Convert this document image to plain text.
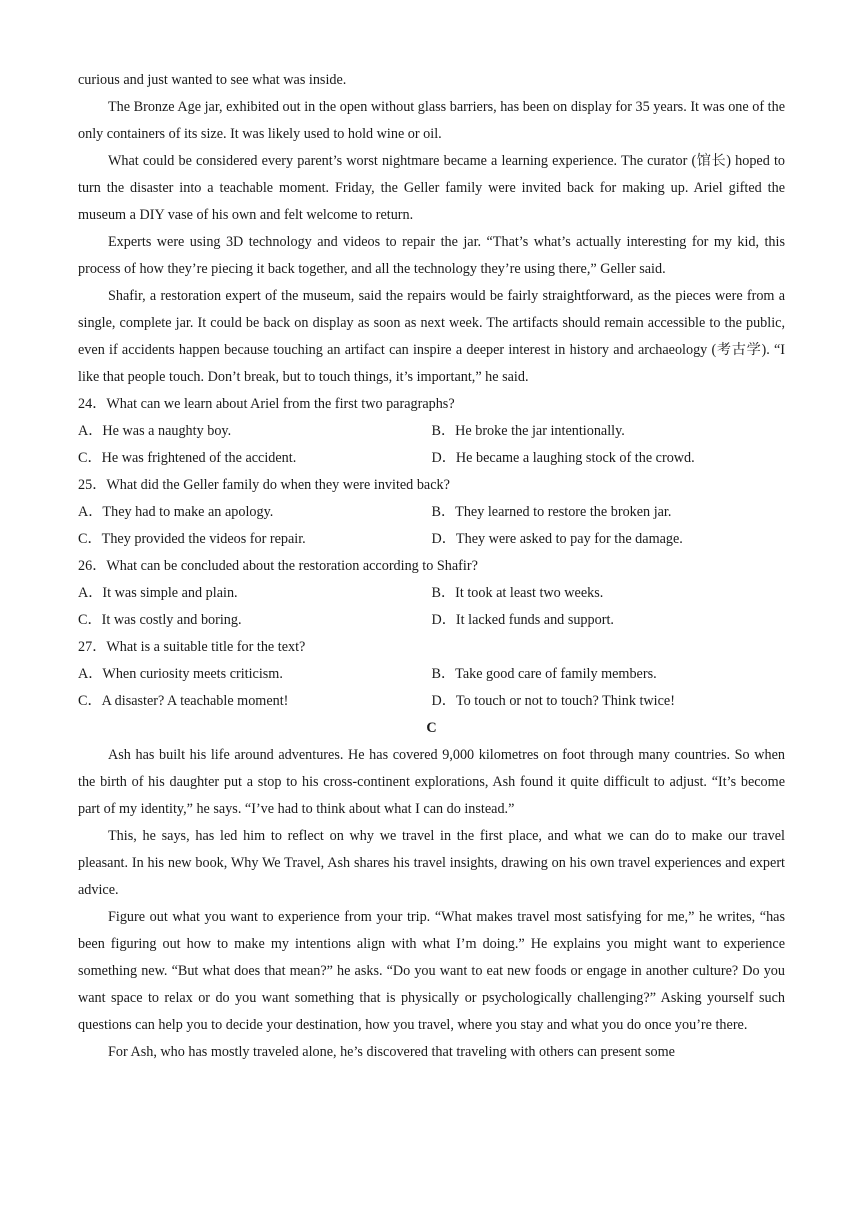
curious and just wanted to see what was inside.

The Bronze Age jar, exhibited out in the open without glass barriers, has been on display for 35 years. It was one of the only containers of its size. It was likely used to hold wine or oil.

What could be considered every parent’s worst nightmare became a learning experience. The curator (馆长) hoped to turn the disaster into a teachable moment. Friday, the Geller family were invited back for making up. Ariel gifted the museum a DIY vase of his own and felt welcome to return.

Experts were using 3D technology and videos to repair the jar. “That’s what’s actually interesting for my kid, this process of how they’re piecing it back together, and all the technology they’re using there,” Geller said.

Shafir, a restoration expert of the museum, said the repairs would be fairly straightforward, as the pieces were from a single, complete jar. It could be back on display as soon as next week. The artifacts should remain accessible to the public, even if accidents happen because touching an artifact can inspire a deeper interest in history and archaeology (考古学). “I like that people touch. Don’t break, but to touch things, it’s important,” he said.

24．What can we learn about Ariel from the first two paragraphs?

A．He was a naughty boy.	B．He broke the jar intentionally.
C．He was frightened of the accident.	D．He became a laughing stock of the crowd.

25．What did the Geller family do when they were invited back?

A．They had to make an apology.	B．They learned to restore the broken jar.
C．They provided the videos for repair.	D．They were asked to pay for the damage.

26．What can be concluded about the restoration according to Shafir?

A．It was simple and plain.	B．It took at least two weeks.
C．It was costly and boring.	D．It lacked funds and support.

27．What is a suitable title for the text?

A．When curiosity meets criticism.	B．Take good care of family members.
C．A disaster? A teachable moment!	D．To touch or not to touch? Think twice!

C

Ash has built his life around adventures. He has covered 9,000 kilometres on foot through many countries. So when the birth of his daughter put a stop to his cross-continent explorations, Ash found it quite difficult to adjust. “It’s become part of my identity,” he says. “I’ve had to think about what I can do instead.”

This, he says, has led him to reflect on why we travel in the first place, and what we can do to make our travel pleasant. In his new book, Why We Travel, Ash shares his travel insights, drawing on his own travel experiences and expert advice.

Figure out what you want to experience from your trip. “What makes travel most satisfying for me,” he writes, “has been figuring out how to make my intentions align with what I’m doing.” He explains you might want to experience something new. “But what does that mean?” he asks. “Do you want to eat new foods or engage in another culture? Do you want space to relax or do you want something that is physically or psychologically challenging?” Asking yourself such questions can help you to decide your destination, how you travel, where you stay and what you do once you’re there.

For Ash, who has mostly traveled alone, he’s discovered that traveling with others can present some
